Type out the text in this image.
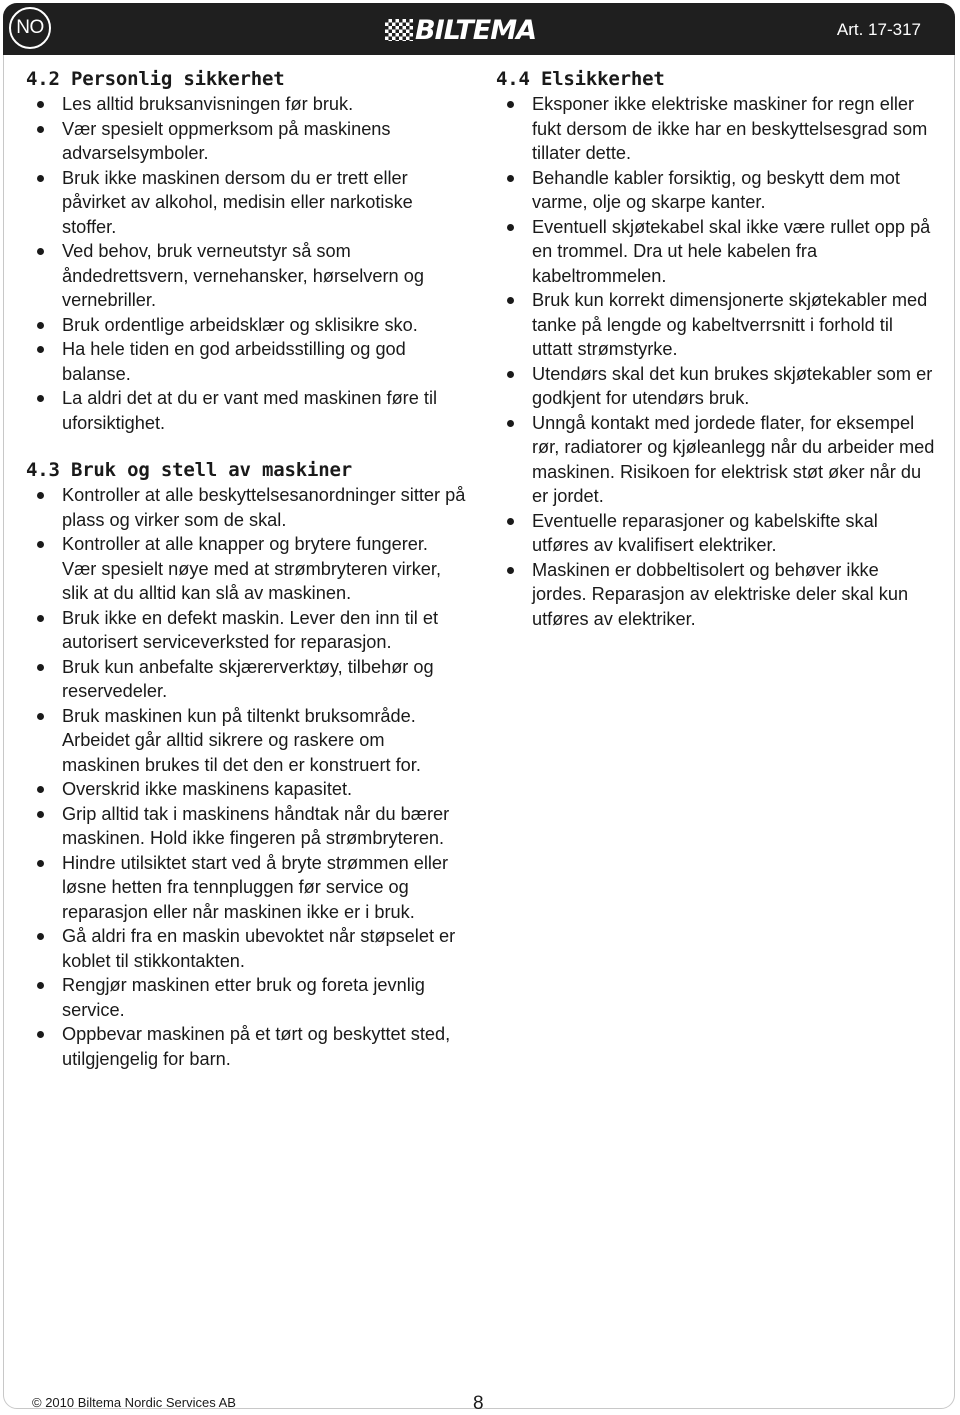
NO	BILTEMA	Art. 17-317
4.2 Personlig sikkerhet
Les alltid bruksanvisningen før bruk.
Vær spesielt oppmerksom på maskinens advarselsymboler.
Bruk ikke maskinen dersom du er trett eller påvirket av alkohol, medisin eller narkotiske stoffer.
Ved behov, bruk verneutstyr så som åndedrettsvern, vernehansker, hørselvern og vernebriller.
Bruk ordentlige arbeidsklær og sklisikre sko.
Ha hele tiden en god arbeidsstilling og god balanse.
La aldri det at du er vant med maskinen føre til uforsiktighet.
4.3 Bruk og stell av maskiner
Kontroller at alle beskyttelsesanordninger sitter på plass og virker som de skal.
Kontroller at alle knapper og brytere fungerer. Vær spesielt nøye med at strømbryteren virker, slik at du alltid kan slå av maskinen.
Bruk ikke en defekt maskin. Lever den inn til et autorisert serviceverksted for reparasjon.
Bruk kun anbefalte skjærerverktøy, tilbehør og reservedeler.
Bruk maskinen kun på tiltenkt bruksområde. Arbeidet går alltid sikrere og raskere om maskinen brukes til det den er konstruert for.
Overskrid ikke maskinens kapasitet.
Grip alltid tak i maskinens håndtak når du bærer maskinen. Hold ikke fingeren på strømbryteren.
Hindre utilsiktet start ved å bryte strømmen eller løsne hetten fra tennpluggen før service og reparasjon eller når maskinen ikke er i bruk.
Gå aldri fra en maskin ubevoktet når støpselet er koblet til stikkontakten.
Rengjør maskinen etter bruk og foreta jevnlig service.
Oppbevar maskinen på et tørt og beskyttet sted, utilgjengelig for barn.
4.4 Elsikkerhet
Eksponer ikke elektriske maskiner for regn eller fukt dersom de ikke har en beskyttelsesgrad som tillater dette.
Behandle kabler forsiktig, og beskytt dem mot varme, olje og skarpe kanter.
Eventuell skjøtekabel skal ikke være rullet opp på en trommel. Dra ut hele kabelen fra kabeltrommelen.
Bruk kun korrekt dimensjonerte skjøtekabler med tanke på lengde og kabeltverrsnitt i forhold til uttatt strømstyrke.
Utendørs skal det kun brukes skjøtekabler som er godkjent for utendørs bruk.
Unngå kontakt med jordede flater, for eksempel rør, radiatorer og kjøleanlegg når du arbeider med maskinen. Risikoen for elektrisk støt øker når du er jordet.
Eventuelle reparasjoner og kabelskifte skal utføres av kvalifisert elektriker.
Maskinen er dobbeltisolert og behøver ikke jordes. Reparasjon av elektriske deler skal kun utføres av elektriker.
© 2010 Biltema Nordic Services AB	8
